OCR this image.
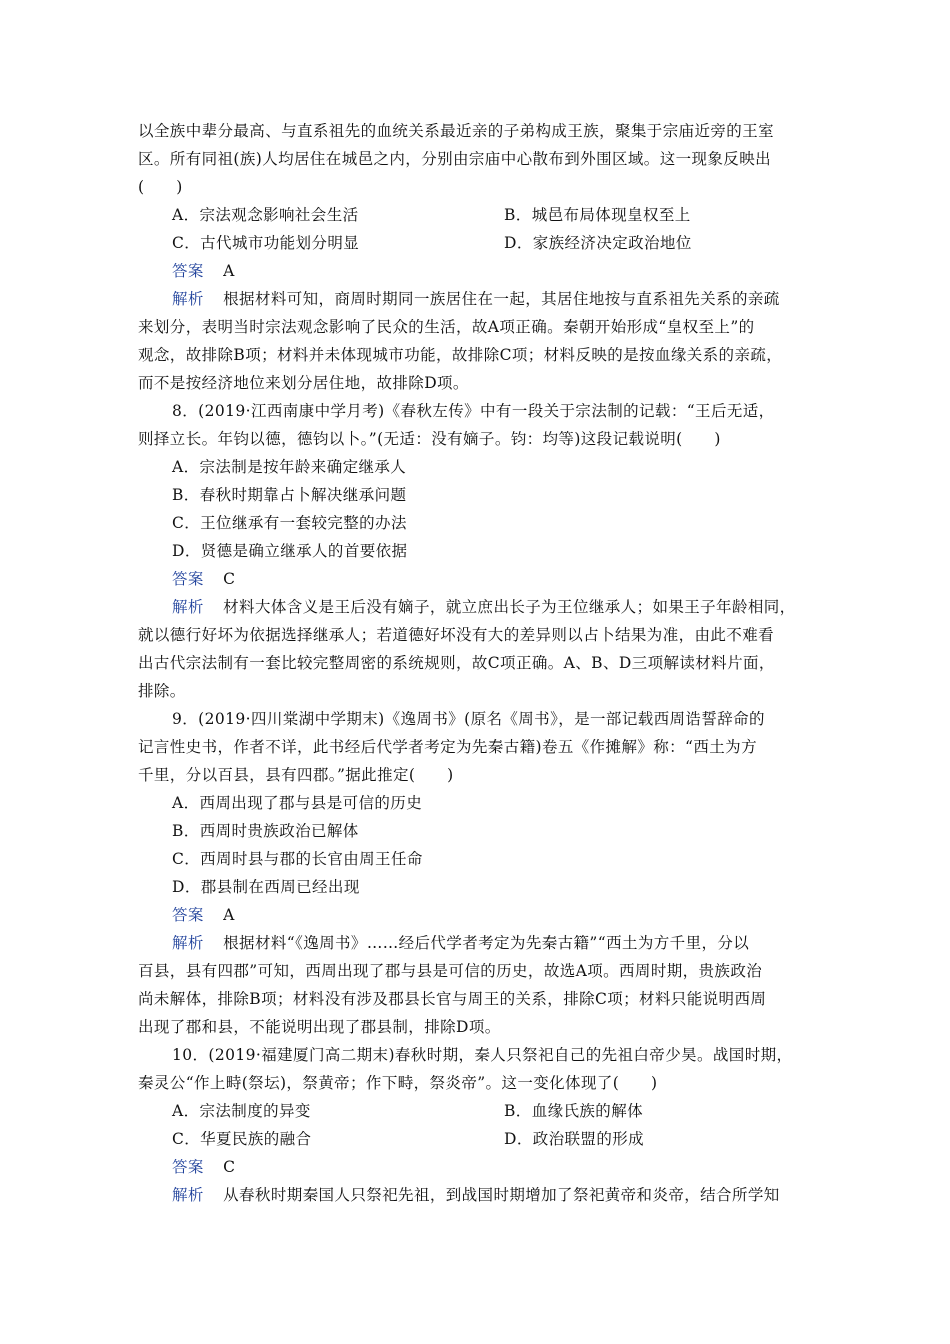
以全族中辈分最高、与直系祖先的血统关系最近亲的子弟构成王族，聚集于宗庙近旁的王室
区。所有同祖(族)人均居住在城邑之内，分别由宗庙中心散布到外围区域。这一现象反映出
(　　)
A．宗法观念影响社会生活	B．城邑布局体现皇权至上
C．古代城市功能划分明显	D．家族经济决定政治地位
答案 A
解析 根据材料可知，商周时期同一族居住在一起，其居住地按与直系祖先关系的亲疏
来划分，表明当时宗法观念影响了民众的生活，故A项正确。秦朝开始形成“皇权至上”的
观念，故排除B项；材料并未体现城市功能，故排除C项；材料反映的是按血缘关系的亲疏，
而不是按经济地位来划分居住地，故排除D项。
8．(2019·江西南康中学月考)《春秋左传》中有一段关于宗法制的记载：“王后无适，
则择立长。年钧以德，德钧以卜。”(无适：没有嫡子。钧：均等)这段记载说明(　　)
A．宗法制是按年龄来确定继承人
B．春秋时期靠占卜解决继承问题
C．王位继承有一套较完整的办法
D．贤德是确立继承人的首要依据
答案 C
解析 材料大体含义是王后没有嫡子，就立庶出长子为王位继承人；如果王子年龄相同，
就以德行好坏为依据选择继承人；若道德好坏没有大的差异则以占卜结果为准，由此不难看
出古代宗法制有一套比较完整周密的系统规则，故C项正确。A、B、D三项解读材料片面，
排除。
9．(2019·四川棠湖中学期末)《逸周书》(原名《周书》，是一部记载西周诰誓辞命的
记言性史书，作者不详，此书经后代学者考定为先秦古籍)卷五《作摊解》称：“西土为方
千里，分以百县，县有四郡。”据此推定(　　)
A．西周出现了郡与县是可信的历史
B．西周时贵族政治已解体
C．西周时县与郡的长官由周王任命
D．郡县制在西周已经出现
答案 A
解析 根据材料“《逸周书》……经后代学者考定为先秦古籍”“西土为方千里，分以
百县，县有四郡”可知，西周出现了郡与县是可信的历史，故选A项。西周时期，贵族政治
尚未解体，排除B项；材料没有涉及郡县长官与周王的关系，排除C项；材料只能说明西周
出现了郡和县，不能说明出现了郡县制，排除D项。
10．(2019·福建厦门高二期末)春秋时期，秦人只祭祀自己的先祖白帝少昊。战国时期，
秦灵公“作上畤(祭坛)，祭黄帝；作下畤，祭炎帝”。这一变化体现了(　　)
A．宗法制度的异变	B．血缘氏族的解体
C．华夏民族的融合	D．政治联盟的形成
答案 C
解析 从春秋时期秦国人只祭祀先祖，到战国时期增加了祭祀黄帝和炎帝，结合所学知
